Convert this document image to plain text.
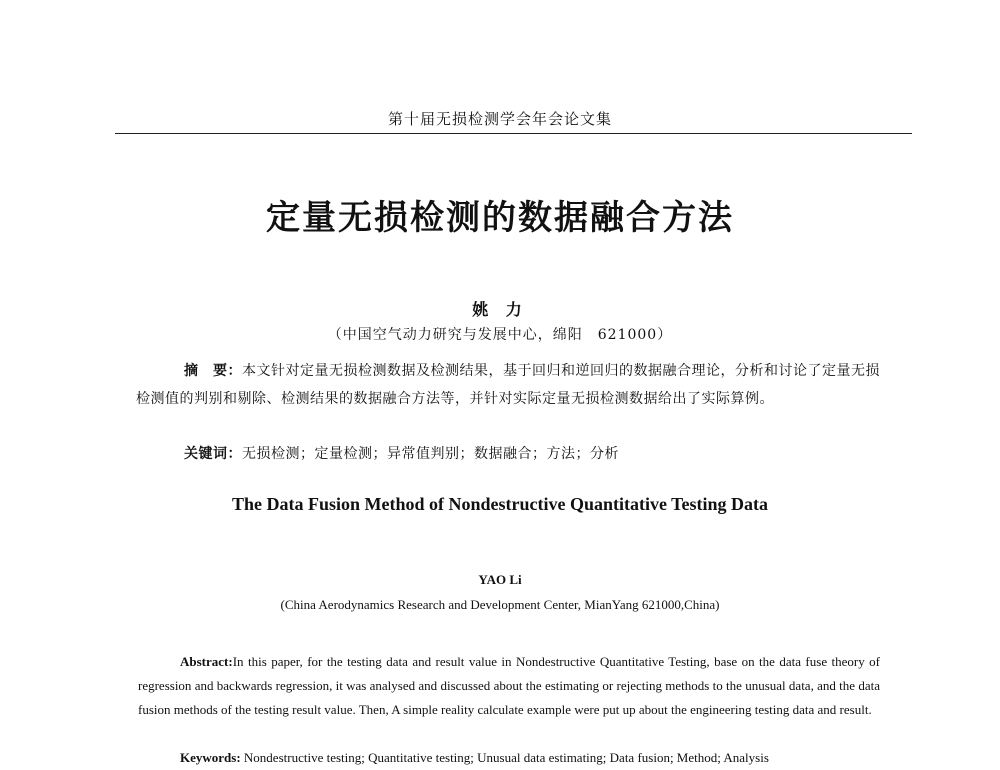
第十届无损检测学会年会论文集
定量无损检测的数据融合方法
姚 力
（中国空气动力研究与发展中心，绵阳　621000）
摘　要：本文针对定量无损检测数据及检测结果，基于回归和逆回归的数据融合理论，分析和讨论了定量无损检测值的判别和剔除、检测结果的数据融合方法等，并针对实际定量无损检测数据给出了实际算例。
关键词：无损检测；定量检测；异常值判别；数据融合；方法；分析
The Data Fusion Method of Nondestructive Quantitative Testing Data
YAO Li
(China Aerodynamics Research and Development Center, MianYang 621000,China)
Abstract:In this paper, for the testing data and result value in Nondestructive Quantitative Testing, base on the data fuse theory of regression and backwards regression, it was analysed and discussed about the estimating or rejecting methods to the unusual data, and the data fusion methods of the testing result value. Then, A simple reality calculate example were put up about the engineering testing data and result.
Keywords: Nondestructive testing; Quantitative testing; Unusual data estimating; Data fusion; Method; Analysis
